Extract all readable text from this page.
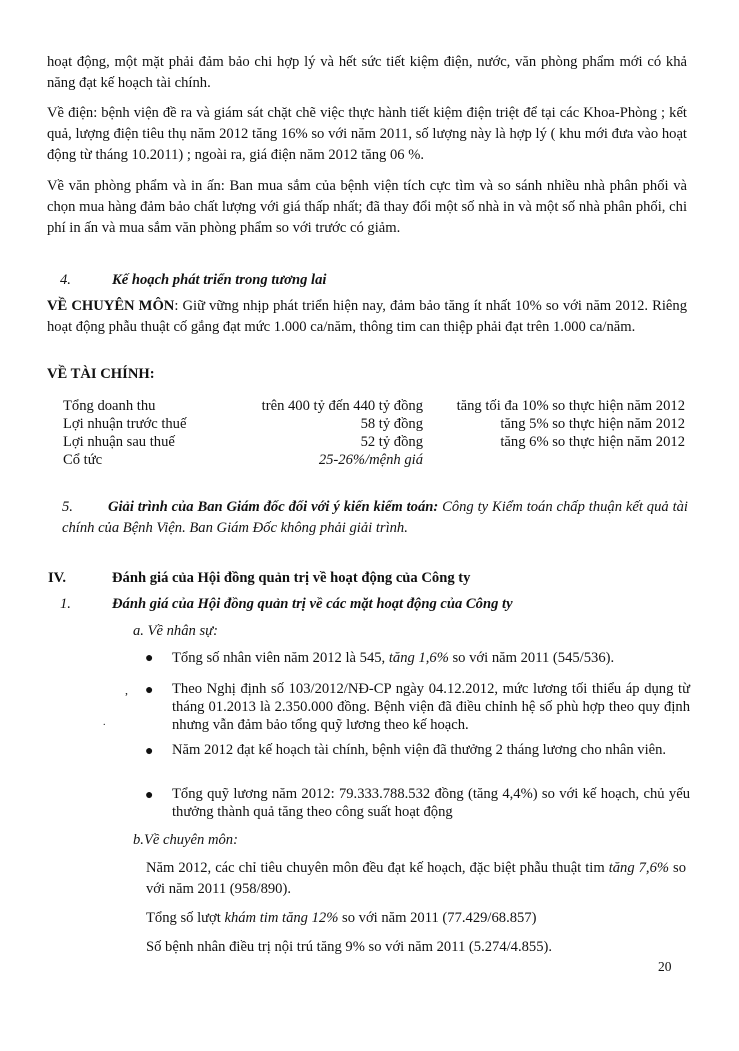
hoạt động, một mặt phải đảm bảo chi hợp lý và hết sức tiết kiệm điện, nước, văn phòng phẩm mới có khả năng đạt kế hoạch tài chính.

Về điện: bệnh viện đề ra và giám sát chặt chẽ việc thực hành tiết kiệm điện triệt để tại các Khoa-Phòng ; kết quả, lượng điện tiêu thụ năm 2012 tăng 16% so với năm 2011, số lượng này là hợp lý ( khu mới đưa vào hoạt động từ tháng 10.2011) ; ngoài ra, giá điện năm 2012 tăng 06 %.

Về văn phòng phẩm và in ấn: Ban mua sắm của bệnh viện tích cực tìm và so sánh nhiều nhà phân phối và chọn mua hàng đảm bảo chất lượng với giá thấp nhất; đã thay đổi một số nhà in và một số nhà phân phối, chi phí in ấn và mua sắm văn phòng phẩm so với trước có giảm.

4.	Kế hoạch phát triển trong tương lai

VỀ CHUYÊN MÔN: Giữ vững nhịp phát triển hiện nay, đảm bảo tăng ít nhất 10% so với năm 2012. Riêng hoạt động phẫu thuật cố gắng đạt mức 1.000 ca/năm, thông tim can thiệp phải đạt trên 1.000 ca/năm.

VỀ TÀI CHÍNH:

Tổng doanh thu	trên 400 tỷ đến 440 tỷ đồng	tăng tối đa 10% so thực hiện năm 2012
Lợi nhuận trước thuế	58 tỷ đồng	tăng 5% so thực hiện năm 2012
Lợi nhuận sau thuế	52 tỷ đồng	tăng 6% so thực hiện năm 2012
Cổ tức	25-26%/mệnh giá	

5. Giải trình của Ban Giám đốc đối với ý kiến kiểm toán: Công ty Kiểm toán chấp thuận kết quả tài chính của Bệnh Viện. Ban Giám Đốc không phải giải trình.

IV.	Đánh giá của Hội đồng quản trị về hoạt động của Công ty
1.	Đánh giá của Hội đồng quản trị về các mặt hoạt động của Công ty

a. Về nhân sự:

● Tổng số nhân viên năm 2012 là 545, tăng 1,6% so với năm 2011 (545/536).

, ● Theo Nghị định số 103/2012/NĐ-CP ngày 04.12.2012, mức lương tối thiểu áp dụng từ tháng 01.2013 là 2.350.000 đồng. Bệnh viện đã điều chỉnh hệ số phù hợp theo quy định nhưng vẫn đảm bảo tổng quỹ lương theo kế hoạch.

.
● Năm 2012 đạt kế hoạch tài chính, bệnh viện đã thưởng 2 tháng lương cho nhân viên.

● Tổng quỹ lương năm 2012: 79.333.788.532 đồng (tăng 4,4%) so với kế hoạch, chủ yếu thưởng thành quả tăng theo công suất hoạt động

b.Về chuyên môn:

Năm 2012, các chỉ tiêu chuyên môn đều đạt kế hoạch, đặc biệt phẫu thuật tim tăng 7,6% so với năm 2011 (958/890).

Tổng số lượt khám tim tăng 12% so với năm 2011 (77.429/68.857)

Số bệnh nhân điều trị nội trú tăng 9% so với năm 2011 (5.274/4.855).

20
